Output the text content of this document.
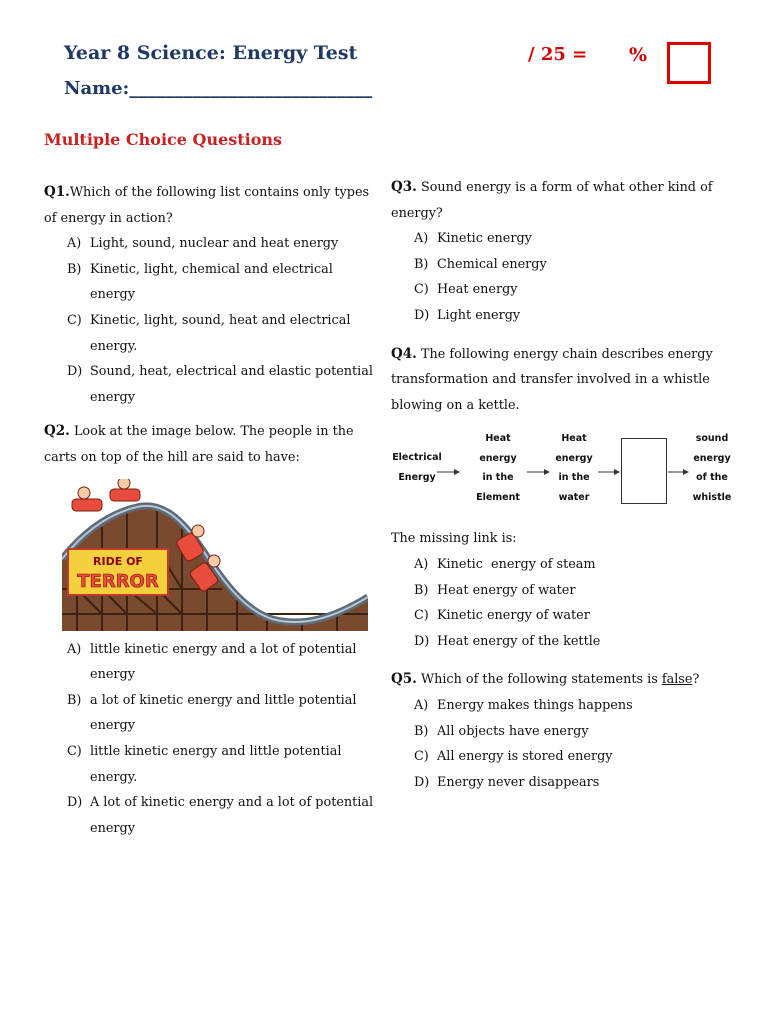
Year 8 Science: Energy Test
Name:___________________________
/ 25 = %
Multiple Choice Questions

Q1.Which of the following list contains only types of energy in action?

A) Light, sound, nuclear and heat energy
B) Kinetic, light, chemical and electrical energy
C) Kinetic, light, sound, heat and electrical energy.
D) Sound, heat, electrical and elastic potential energy

Q2. Look at the image below. The people in the carts on top of the hill are said to have:

RIDE OF
TERROR
A) little kinetic energy and a lot of potential energy
B) a lot of kinetic energy and little potential energy
C) little kinetic energy and little potential energy.
D) A lot of kinetic energy and a lot of potential energy

Q3. Sound energy is a form of what other kind of energy?

A) Kinetic energy
B) Chemical energy
C) Heat energy
D) Light energy

Q4. The following energy chain describes energy transformation and transfer involved in a whistle blowing on a kettle.

Electrical
Energy
Heat
energy
in the
Element
Heat
energy
in the
water
sound
energy
of the
whistle

The missing link is:

A) Kinetic  energy of steam
B) Heat energy of water
C) Kinetic energy of water
D) Heat energy of the kettle

Q5. Which of the following statements is false?

A) Energy makes things happens
B) All objects have energy
C) All energy is stored energy
D) Energy never disappears
